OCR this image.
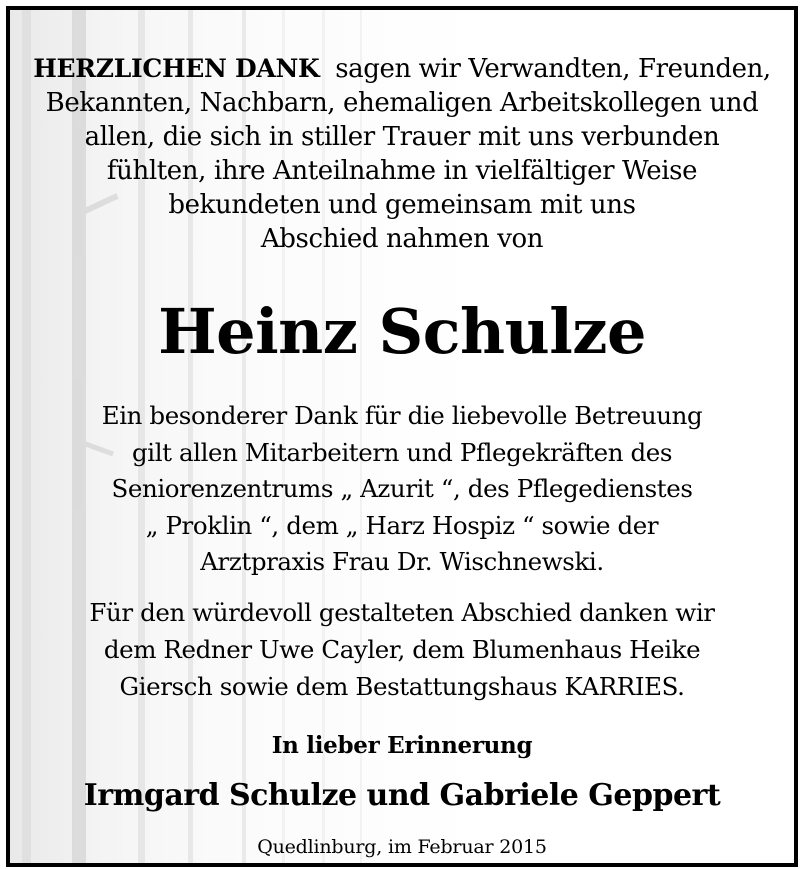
HERZLICHEN DANK sagen wir Verwandten, Freunden,
Bekannten, Nachbarn, ehemaligen Arbeitskollegen und
allen, die sich in stiller Trauer mit uns verbunden
fühlten, ihre Anteilnahme in vielfältiger Weise
bekundeten und gemeinsam mit uns
Abschied nahmen von

Heinz Schulze

Ein besonderer Dank für die liebevolle Betreuung
gilt allen Mitarbeitern und Pflegekräften des
Seniorenzentrums „ Azurit “, des Pflegedienstes
„ Proklin “, dem „ Harz Hospiz “ sowie der
Arztpraxis Frau Dr. Wischnewski.

Für den würdevoll gestalteten Abschied danken wir
dem Redner Uwe Cayler, dem Blumenhaus Heike
Giersch sowie dem Bestattungshaus KARRIES.

In lieber Erinnerung

Irmgard Schulze und Gabriele Geppert

Quedlinburg, im Februar 2015
